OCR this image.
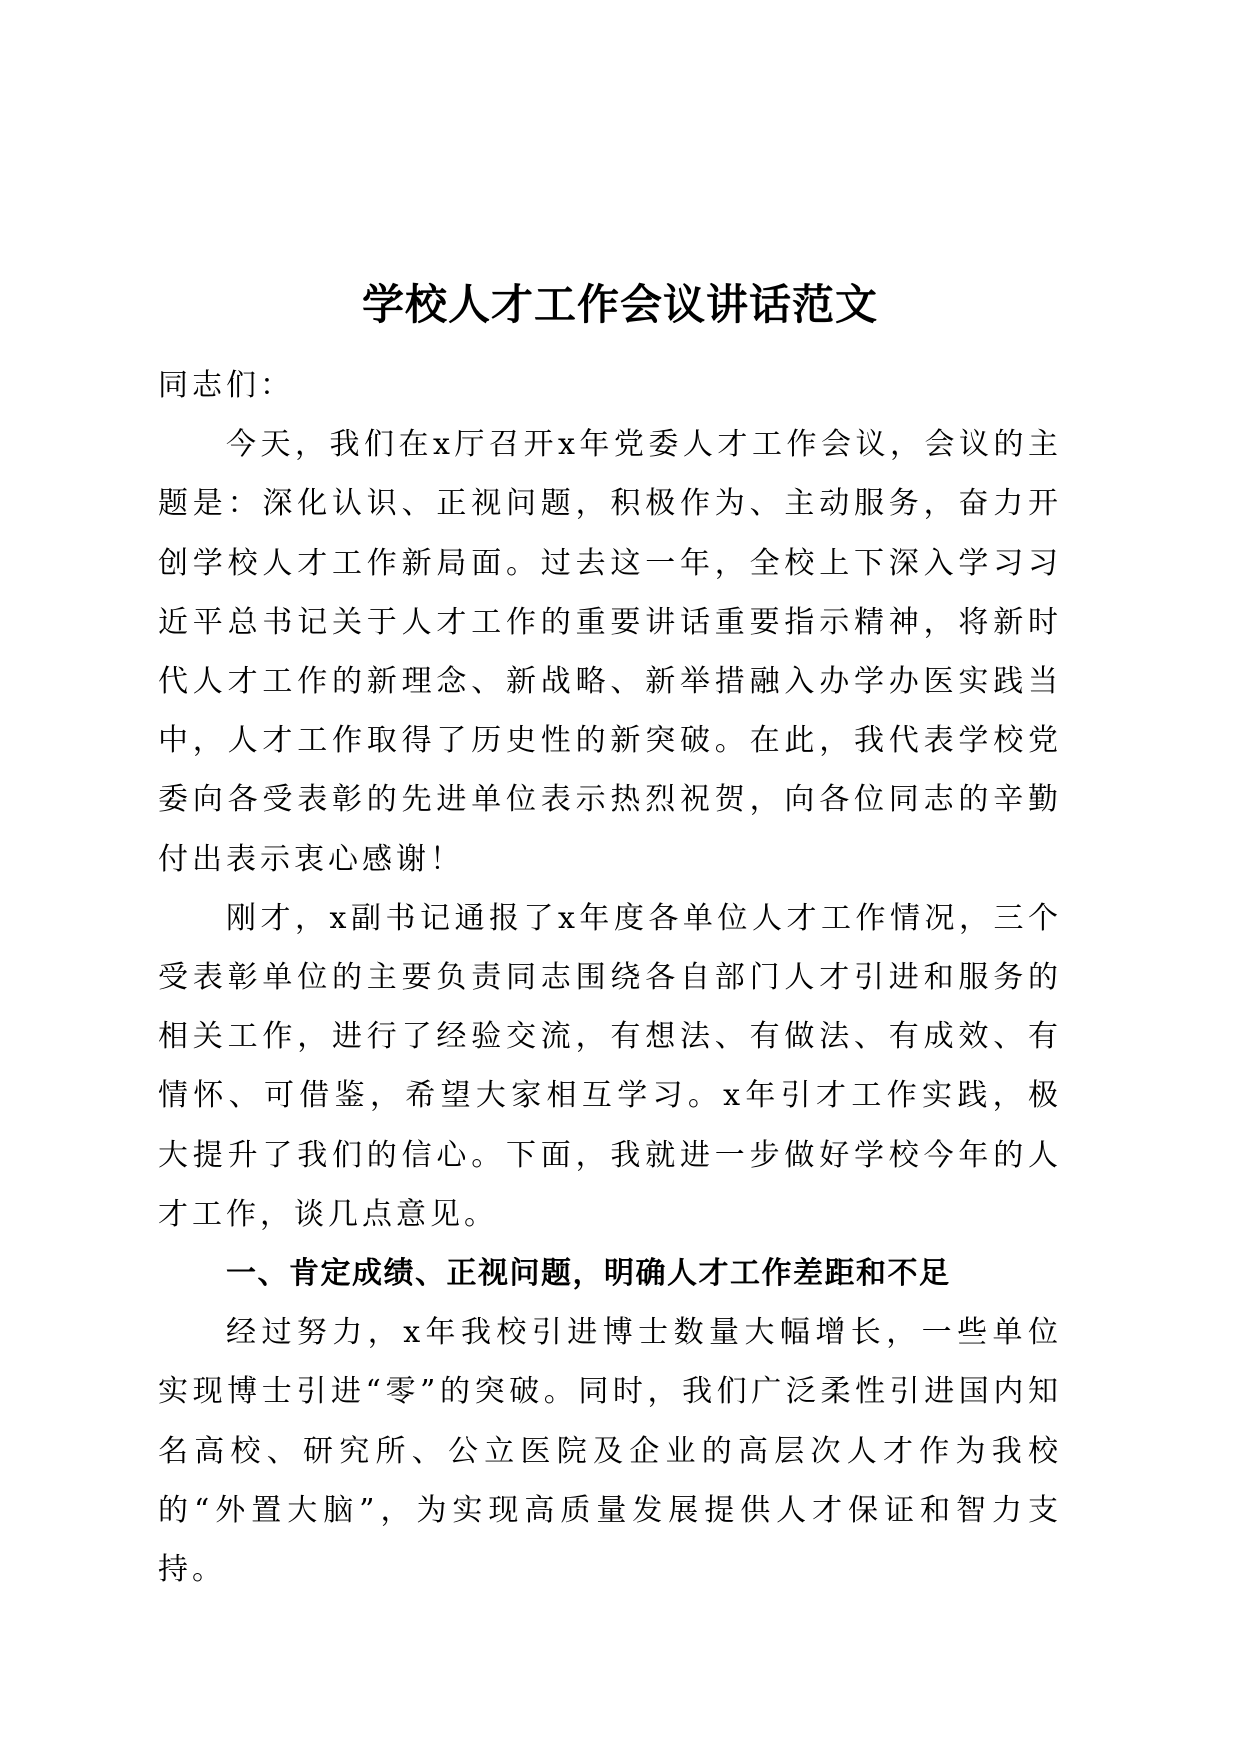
学校人才工作会议讲话范文

同志们：

今天，我们在x厅召开x年党委人才工作会议，会议的主题是：深化认识、正视问题，积极作为、主动服务，奋力开创学校人才工作新局面。过去这一年，全校上下深入学习习近平总书记关于人才工作的重要讲话重要指示精神，将新时代人才工作的新理念、新战略、新举措融入办学办医实践当中，人才工作取得了历史性的新突破。在此，我代表学校党委向各受表彰的先进单位表示热烈祝贺，向各位同志的辛勤付出表示衷心感谢！

刚才，x副书记通报了x年度各单位人才工作情况，三个受表彰单位的主要负责同志围绕各自部门人才引进和服务的相关工作，进行了经验交流，有想法、有做法、有成效、有情怀、可借鉴，希望大家相互学习。x年引才工作实践，极大提升了我们的信心。下面，我就进一步做好学校今年的人才工作，谈几点意见。

一、肯定成绩、正视问题，明确人才工作差距和不足

经过努力，x年我校引进博士数量大幅增长，一些单位实现博士引进“零”的突破。同时，我们广泛柔性引进国内知名高校、研究所、公立医院及企业的高层次人才作为我校的“外置大脑”，为实现高质量发展提供人才保证和智力支持。
